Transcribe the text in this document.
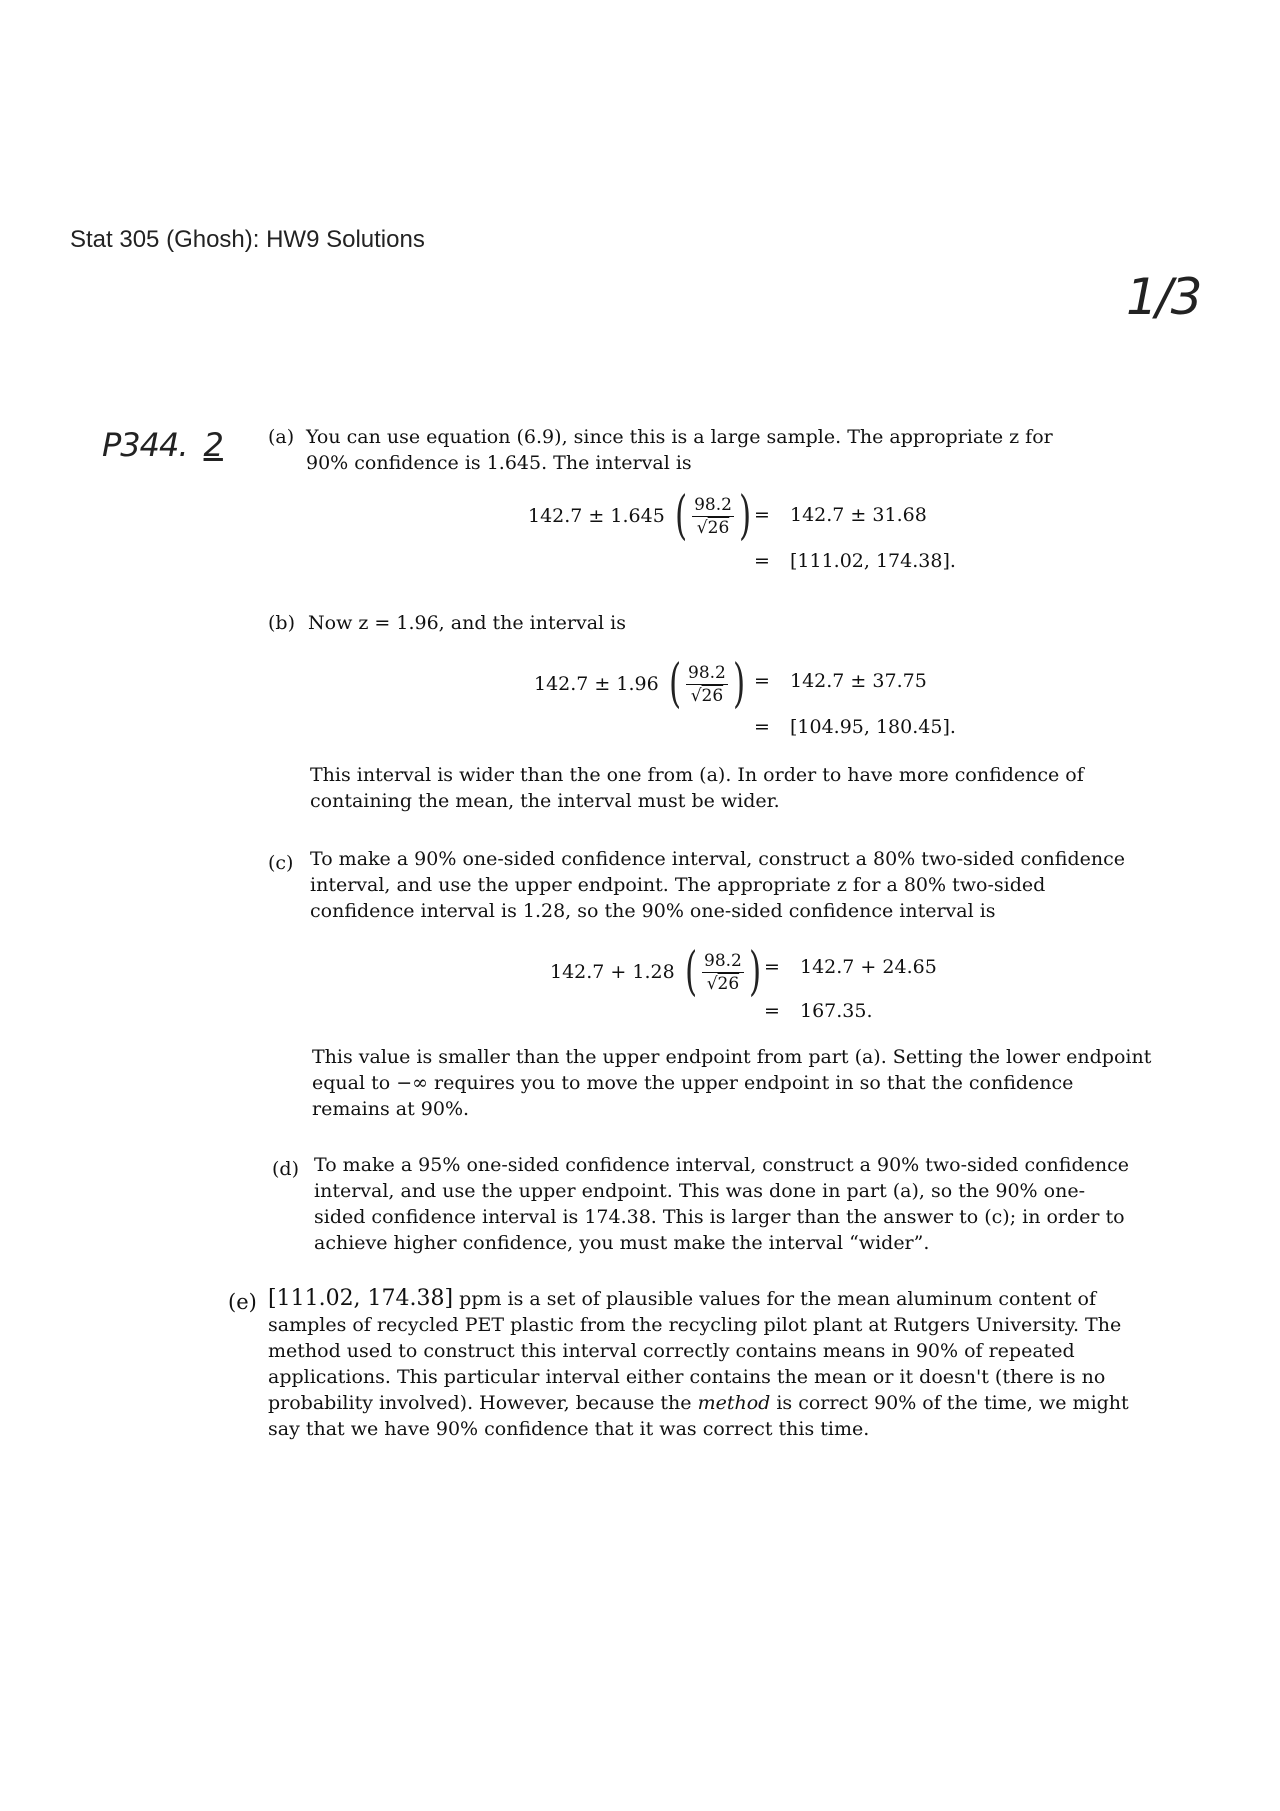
Stat 305 (Ghosh): HW9 Solutions
1/3
P344. 2 (a) You can use equation (6.9), since this is a large sample. The appropriate z for 90% confidence is 1.645. The interval is
142.7 ± 1.645 ( $\frac{98.2}{√26}$ ) = 142.7 ± 31.68
= [111.02, 174.38].
(b) Now z = 1.96, and the interval is
142.7 ± 1.96 ( $\frac{98.2}{√26}$ ) = 142.7 ± 37.75
= [104.95, 180.45].
This interval is wider than the one from (a). In order to have more confidence of containing the mean, the interval must be wider.
(c) To make a 90% one-sided confidence interval, construct a 80% two-sided confidence interval, and use the upper endpoint. The appropriate z for a 80% two-sided confidence interval is 1.28, so the 90% one-sided confidence interval is
142.7 + 1.28 ( $\frac{98.2}{√26}$ ) = 142.7 + 24.65
= 167.35.
This value is smaller than the upper endpoint from part (a). Setting the lower endpoint equal to −∞ requires you to move the upper endpoint in so that the confidence remains at 90%.
(d) To make a 95% one-sided confidence interval, construct a 90% two-sided confidence interval, and use the upper endpoint. This was done in part (a), so the 90% one-sided confidence interval is 174.38. This is larger than the answer to (c); in order to achieve higher confidence, you must make the interval “wider”.
(e) [111.02, 174.38] ppm is a set of plausible values for the mean aluminum content of samples of recycled PET plastic from the recycling pilot plant at Rutgers University. The method used to construct this interval correctly contains means in 90% of repeated applications. This particular interval either contains the mean or it doesn't (there is no probability involved). However, because the method is correct 90% of the time, we might say that we have 90% confidence that it was correct this time.
